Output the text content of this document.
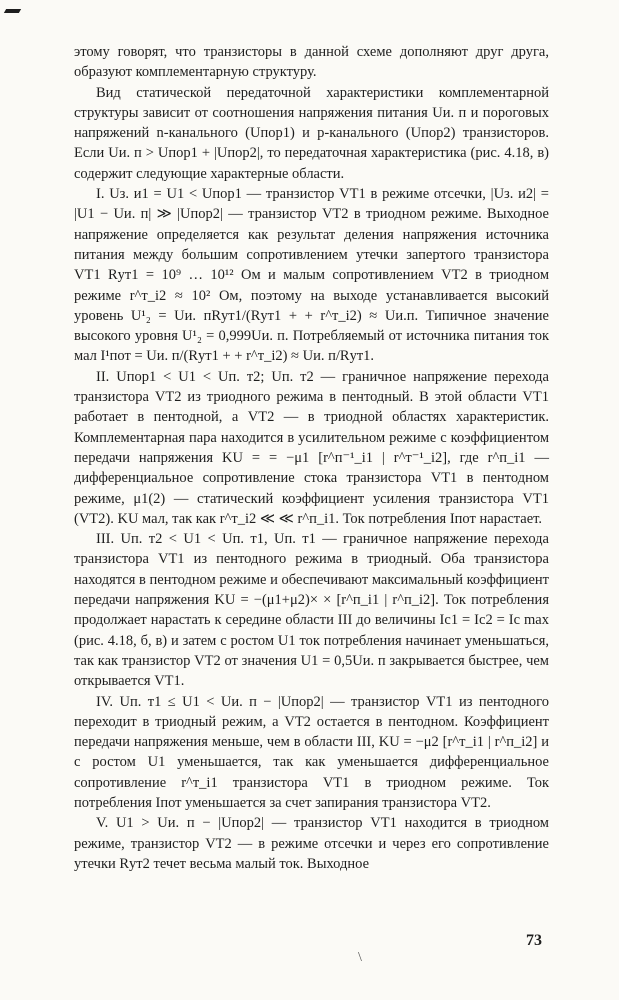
этому говорят, что транзисторы в данной схеме дополняют друг друга, образуют комплементарную структуру.

Вид статической передаточной характеристики комплементарной структуры зависит от соотношения напряжения питания Uи. п и пороговых напряжений n-канального (Uпор1) и p-канального (Uпор2) транзисторов. Если Uи. п > Uпор1 + |Uпор2|, то передаточная характеристика (рис. 4.18, в) содержит следующие характерные области.

I. Uз. и1 = U1 < Uпор1 — транзистор VT1 в режиме отсечки, |Uз. и2| = |U1 − Uи. п| ≫ |Uпор2| — транзистор VT2 в триодном режиме. Выходное напряжение определяется как результат деления напряжения источника питания между большим сопротивлением утечки запертого транзистора VT1 Rут1 = 10⁹ … 10¹² Ом и малым сопротивлением VT2 в триодном режиме r^т_i2 ≈ 10² Ом, поэтому на выходе устанавливается высокий уровень U¹₂ = Uи. пRут1/(Rут1 + + r^т_i2) ≈ Uи.п. Типичное значение высокого уровня U¹₂ = 0,999Uи. п. Потребляемый от источника питания ток мал I¹пот = Uи. п/(Rут1 + + r^т_i2) ≈ Uи. п/Rут1.

II. Uпор1 < U1 < Uп. т2; Uп. т2 — граничное напряжение перехода транзистора VT2 из триодного режима в пентодный. В этой области VT1 работает в пентодной, а VT2 — в триодной областях характеристик. Комплементарная пара находится в усилительном режиме с коэффициентом передачи напряжения KU = = −μ1 [r^п⁻¹_i1 | r^т⁻¹_i2], где r^п_i1 — дифференциальное сопротивление стока транзистора VT1 в пентодном режиме, μ1(2) — статический коэффициент усиления транзистора VT1 (VT2). KU мал, так как r^т_i2 ≪ ≪ r^п_i1. Ток потребления Iпот нарастает.

III. Uп. т2 < U1 < Uп. т1, Uп. т1 — граничное напряжение перехода транзистора VT1 из пентодного режима в триодный. Оба транзистора находятся в пентодном режиме и обеспечивают максимальный коэффициент передачи напряжения KU = −(μ1+μ2)× × [r^п_i1 | r^п_i2]. Ток потребления продолжает нарастать к середине области III до величины Ic1 = Ic2 = Ic max (рис. 4.18, б, в) и затем с ростом U1 ток потребления начинает уменьшаться, так как транзистор VT2 от значения U1 = 0,5Uи. п закрывается быстрее, чем открывается VT1.

IV. Uп. т1 ≤ U1 < Uи. п − |Uпор2| — транзистор VT1 из пентодного переходит в триодный режим, а VT2 остается в пентодном. Коэффициент передачи напряжения меньше, чем в области III, KU = −μ2 [r^т_i1 | r^п_i2] и с ростом U1 уменьшается, так как уменьшается дифференциальное сопротивление r^т_i1 транзистора VT1 в триодном режиме. Ток потребления Iпот уменьшается за счет запирания транзистора VT2.

V. U1 > Uи. п − |Uпор2| — транзистор VT1 находится в триодном режиме, транзистор VT2 — в режиме отсечки и через его сопротивление утечки Rут2 течет весьма малый ток. Выходное

\
73
